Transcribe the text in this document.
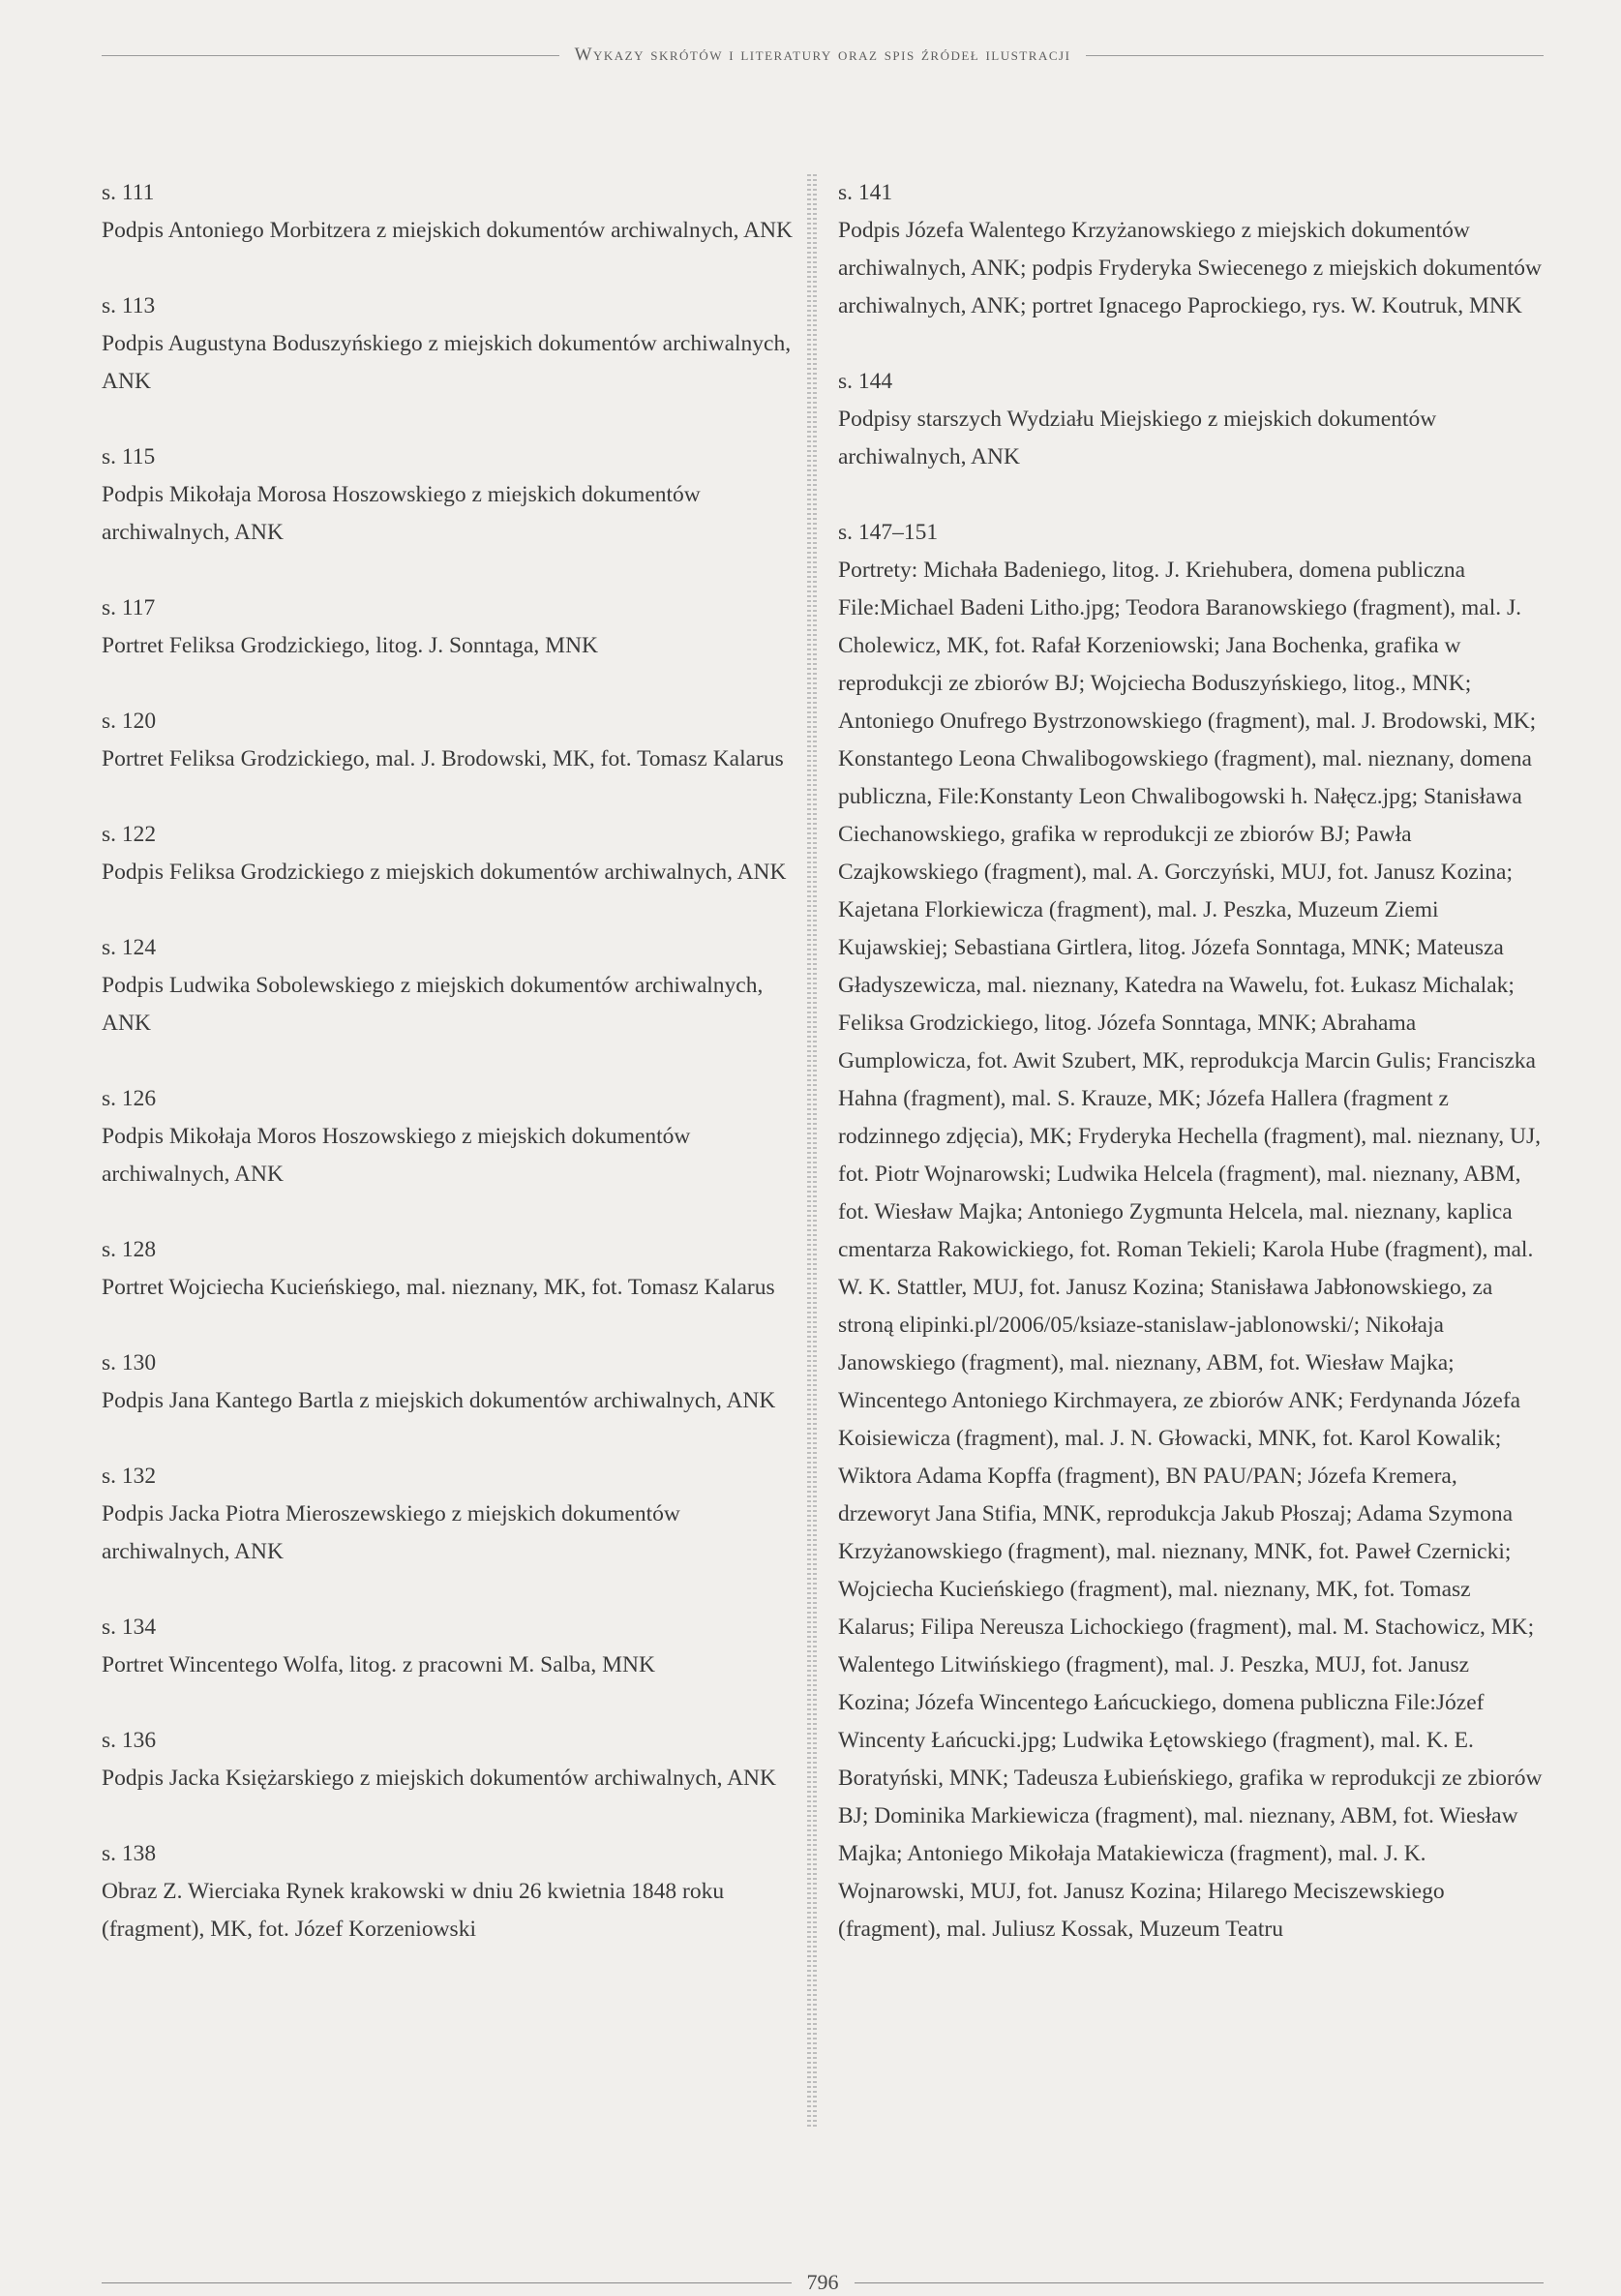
Wykazy skrótów i literatury oraz spis źródeł ilustracji
s. 111
Podpis Antoniego Morbitzera z miejskich dokumentów archiwalnych, ANK
s. 113
Podpis Augustyna Boduszyńskiego z miejskich dokumentów archiwalnych, ANK
s. 115
Podpis Mikołaja Morosa Hoszowskiego z miejskich dokumentów archiwalnych, ANK
s. 117
Portret Feliksa Grodzickiego, litog. J. Sonntaga, MNK
s. 120
Portret Feliksa Grodzickiego, mal. J. Brodowski, MK, fot. Tomasz Kalarus
s. 122
Podpis Feliksa Grodzickiego z miejskich dokumentów archiwalnych, ANK
s. 124
Podpis Ludwika Sobolewskiego z miejskich dokumentów archiwalnych, ANK
s. 126
Podpis Mikołaja Moros Hoszowskiego z miejskich dokumentów archiwalnych, ANK
s. 128
Portret Wojciecha Kucieńskiego, mal. nieznany, MK, fot. Tomasz Kalarus
s. 130
Podpis Jana Kantego Bartla z miejskich dokumentów archiwalnych, ANK
s. 132
Podpis Jacka Piotra Mieroszewskiego z miejskich dokumentów archiwalnych, ANK
s. 134
Portret Wincentego Wolfa, litog. z pracowni M. Salba, MNK
s. 136
Podpis Jacka Księżarskiego z miejskich dokumentów archiwalnych, ANK
s. 138
Obraz Z. Wierciaka Rynek krakowski w dniu 26 kwietnia 1848 roku (fragment), MK, fot. Józef Korzeniowski
s. 141
Podpis Józefa Walentego Krzyżanowskiego z miejskich dokumentów archiwalnych, ANK; podpis Fryderyka Swiecenego z miejskich dokumentów archiwalnych, ANK; portret Ignacego Paprockiego, rys. W. Koutruk, MNK
s. 144
Podpisy starszych Wydziału Miejskiego z miejskich dokumentów archiwalnych, ANK
s. 147–151
Portrety: Michała Badeniego, litog. J. Kriehubera, domena publiczna File:Michael Badeni Litho.jpg; Teodora Baranowskiego (fragment), mal. J. Cholewicz, MK, fot. Rafał Korzeniowski; Jana Bochenka, grafika w reprodukcji ze zbiorów BJ; Wojciecha Boduszyńskiego, litog., MNK; Antoniego Onufrego Bystrzonowskiego (fragment), mal. J. Brodowski, MK; Konstantego Leona Chwalibogowskiego (fragment), mal. nieznany, domena publiczna, File:Konstanty Leon Chwalibogowski h. Nałęcz.jpg; Stanisława Ciechanowskiego, grafika w reprodukcji ze zbiorów BJ; Pawła Czajkowskiego (fragment), mal. A. Gorczyński, MUJ, fot. Janusz Kozina; Kajetana Florkiewicza (fragment), mal. J. Peszka, Muzeum Ziemi Kujawskiej; Sebastiana Girtlera, litog. Józefa Sonntaga, MNK; Mateusza Gładyszewicza, mal. nieznany, Katedra na Wawelu, fot. Łukasz Michalak; Feliksa Grodzickiego, litog. Józefa Sonntaga, MNK; Abrahama Gumplowicza, fot. Awit Szubert, MK, reprodukcja Marcin Gulis; Franciszka Hahna (fragment), mal. S. Krauze, MK; Józefa Hallera (fragment z rodzinnego zdjęcia), MK; Fryderyka Hechella (fragment), mal. nieznany, UJ, fot. Piotr Wojnarowski; Ludwika Helcela (fragment), mal. nieznany, ABM, fot. Wiesław Majka; Antoniego Zygmunta Helcela, mal. nieznany, kaplica cmentarza Rakowickiego, fot. Roman Tekieli; Karola Hube (fragment), mal. W. K. Stattler, MUJ, fot. Janusz Kozina; Stanisława Jabłonowskiego, za stroną elipinki.pl/2006/05/ksiaze-stanislaw-jablonowski/; Nikołaja Janowskiego (fragment), mal. nieznany, ABM, fot. Wiesław Majka; Wincentego Antoniego Kirchmayera, ze zbiorów ANK; Ferdynanda Józefa Koisiewicza (fragment), mal. J. N. Głowacki, MNK, fot. Karol Kowalik; Wiktora Adama Kopffa (fragment), BN PAU/PAN; Józefa Kremera, drzeworyt Jana Stifia, MNK, reprodukcja Jakub Płoszaj; Adama Szymona Krzyżanowskiego (fragment), mal. nieznany, MNK, fot. Paweł Czernicki; Wojciecha Kucieńskiego (fragment), mal. nieznany, MK, fot. Tomasz Kalarus; Filipa Nereusza Lichockiego (fragment), mal. M. Stachowicz, MK; Walentego Litwińskiego (fragment), mal. J. Peszka, MUJ, fot. Janusz Kozina; Józefa Wincentego Łańcuckiego, domena publiczna File:Józef Wincenty Łańcucki.jpg; Ludwika Łętowskiego (fragment), mal. K. E. Boratyński, MNK; Tadeusza Łubieńskiego, grafika w reprodukcji ze zbiorów BJ; Dominika Markiewicza (fragment), mal. nieznany, ABM, fot. Wiesław Majka; Antoniego Mikołaja Matakiewicza (fragment), mal. J. K. Wojnarowski, MUJ, fot. Janusz Kozina; Hilarego Meciszewskiego (fragment), mal. Juliusz Kossak, Muzeum Teatru
796
